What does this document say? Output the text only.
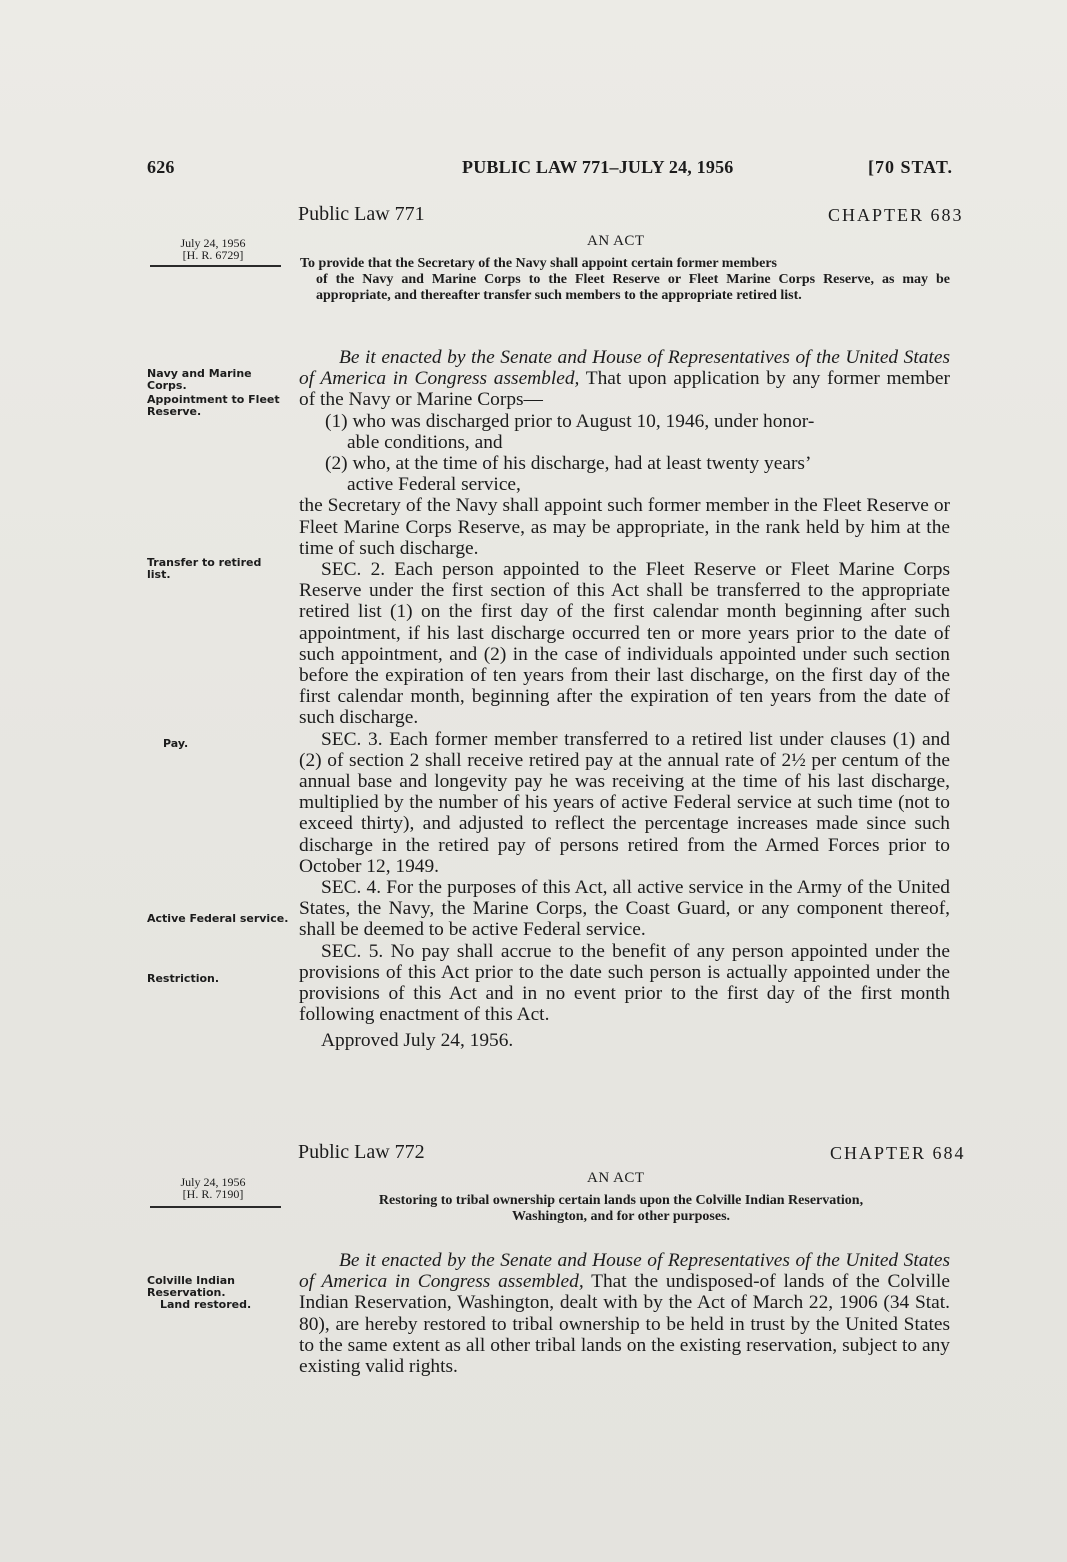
626	PUBLIC LAW 771–JULY 24, 1956	[70 STAT.
Public Law 771	CHAPTER 683
July 24, 1956
[H. R. 6729]
AN ACT
To provide that the Secretary of the Navy shall appoint certain former members
of the Navy and Marine Corps to the Fleet Reserve or Fleet Marine Corps Reserve, as may be appropriate, and thereafter transfer such members to the appropriate retired list.
Navy and Marine Corps.
Appointment to Fleet Reserve.
Transfer to retired list.
Pay.
Active Federal service.
Restriction.

Be it enacted by the Senate and House of Representatives of the United States of America in Congress assembled, That upon application by any former member of the Navy or Marine Corps—

(1) who was discharged prior to August 10, 1946, under honor-
able conditions, and

(2) who, at the time of his discharge, had at least twenty years’
active Federal service,

the Secretary of the Navy shall appoint such former member in the Fleet Reserve or Fleet Marine Corps Reserve, as may be appropriate, in the rank held by him at the time of such discharge.

SEC. 2. Each person appointed to the Fleet Reserve or Fleet Marine Corps Reserve under the first section of this Act shall be transferred to the appropriate retired list (1) on the first day of the first calendar month beginning after such appointment, if his last discharge occurred ten or more years prior to the date of such appointment, and (2) in the case of individuals appointed under such section before the expiration of ten years from their last discharge, on the first day of the first calendar month, beginning after the expiration of ten years from the date of such discharge.

SEC. 3. Each former member transferred to a retired list under clauses (1) and (2) of section 2 shall receive retired pay at the annual rate of 2½ per centum of the annual base and longevity pay he was receiving at the time of his last discharge, multiplied by the number of his years of active Federal service at such time (not to exceed thirty), and adjusted to reflect the percentage increases made since such discharge in the retired pay of persons retired from the Armed Forces prior to October 12, 1949.

SEC. 4. For the purposes of this Act, all active service in the Army of the United States, the Navy, the Marine Corps, the Coast Guard, or any component thereof, shall be deemed to be active Federal service.

SEC. 5. No pay shall accrue to the benefit of any person appointed under the provisions of this Act prior to the date such person is actually appointed under the provisions of this Act and in no event prior to the first day of the first month following enactment of this Act.

Approved July 24, 1956.

Public Law 772	CHAPTER 684
July 24, 1956
[H. R. 7190]
AN ACT
Restoring to tribal ownership certain lands upon the Colville Indian Reservation,
Washington, and for other purposes.
Colville Indian Reservation.
Land restored.

Be it enacted by the Senate and House of Representatives of the United States of America in Congress assembled, That the undisposed-of lands of the Colville Indian Reservation, Washington, dealt with by the Act of March 22, 1906 (34 Stat. 80), are hereby restored to tribal ownership to be held in trust by the United States to the same extent as all other tribal lands on the existing reservation, subject to any existing valid rights.
